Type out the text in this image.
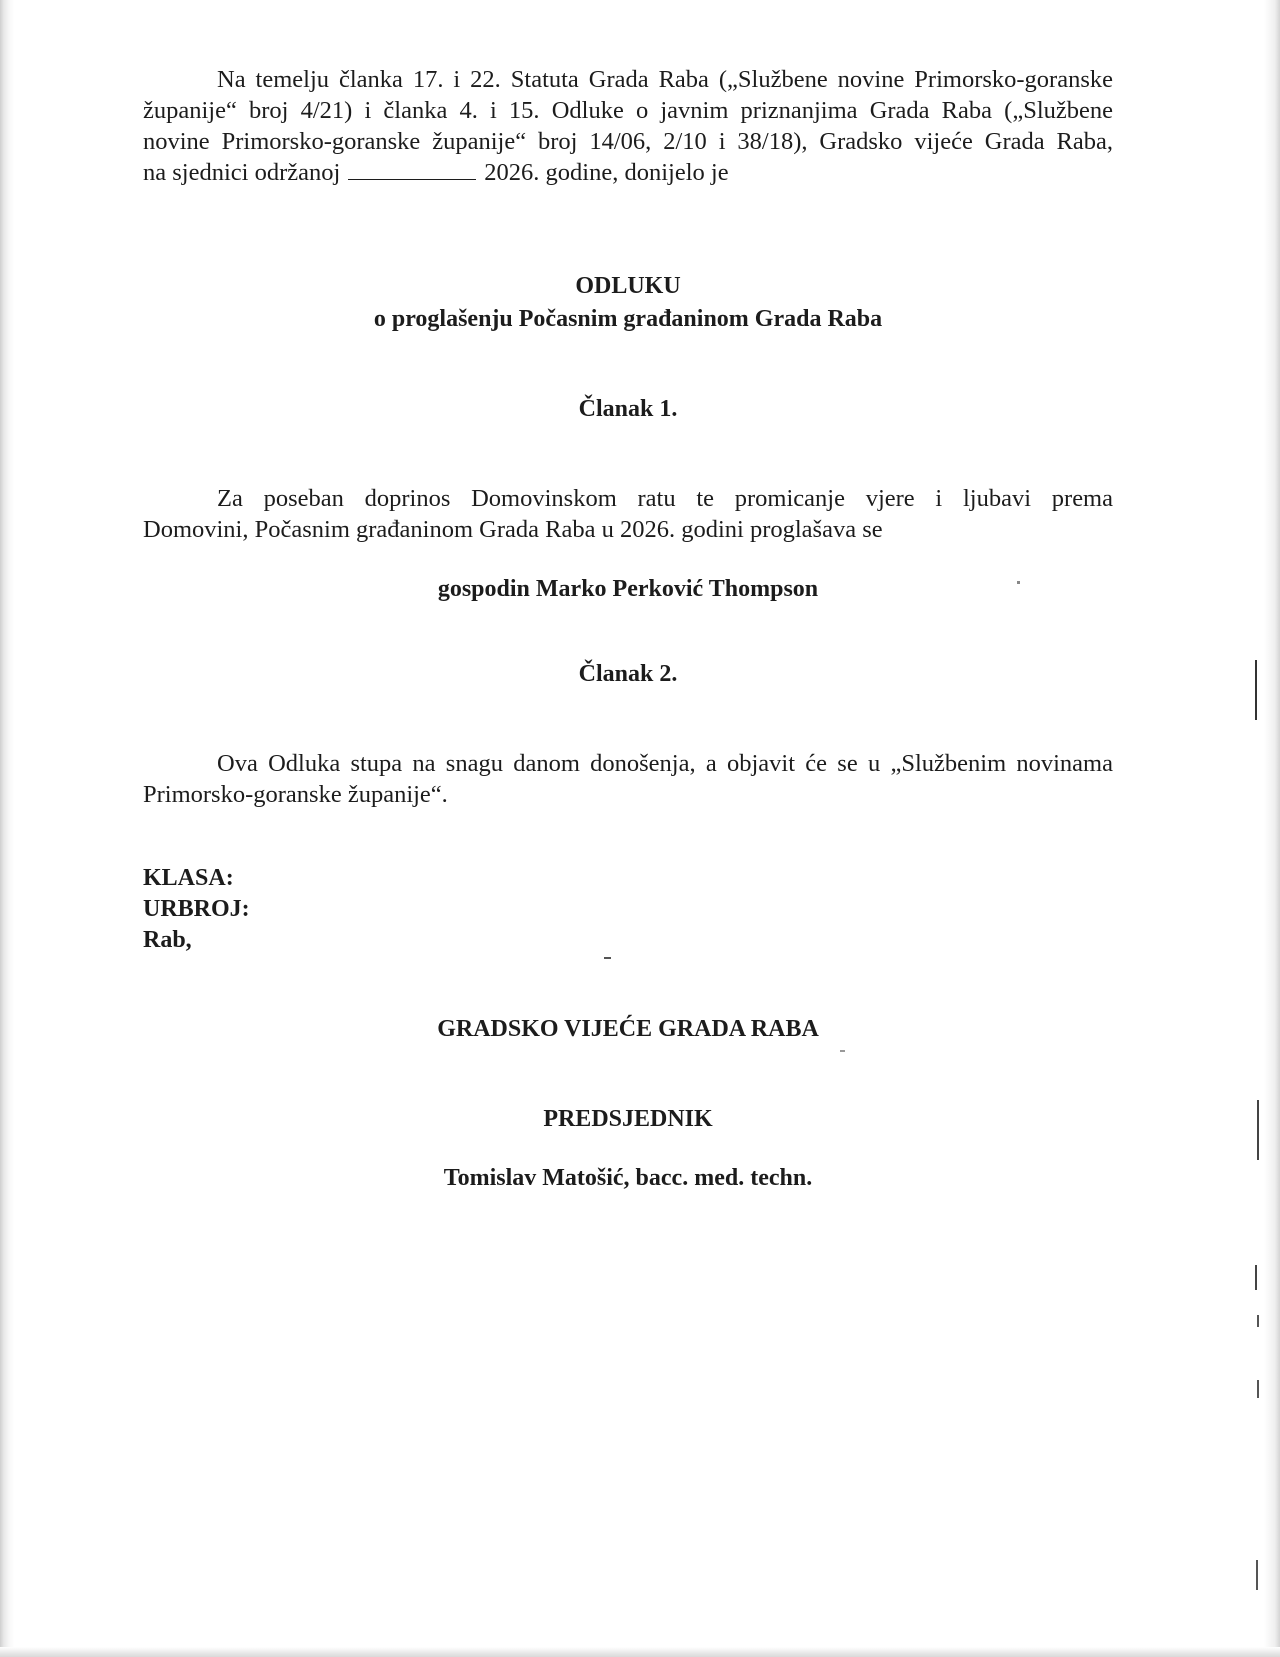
Na temelju članka 17. i 22. Statuta Grada Raba („Službene novine Primorsko-goranske
županije“ broj 4/21) i članka 4. i 15. Odluke o javnim priznanjima Grada Raba („Službene
novine Primorsko-goranske županije“ broj 14/06, 2/10 i 38/18), Gradsko vijeće Grada Raba,
na sjednici održanoj	2026. godine, donijelo je
ODLUKU
o proglašenju Počasnim građaninom Grada Raba
Članak 1.
Za poseban doprinos Domovinskom ratu te promicanje vjere i ljubavi prema
Domovini, Počasnim građaninom Grada Raba u 2026. godini proglašava se
gospodin Marko Perković Thompson
Članak 2.
Ova Odluka stupa na snagu danom donošenja, a objavit će se u „Službenim novinama
Primorsko-goranske županije“.
KLASA:
URBROJ:
Rab,
GRADSKO VIJEĆE GRADA RABA
PREDSJEDNIK
Tomislav Matošić, bacc. med. techn.
